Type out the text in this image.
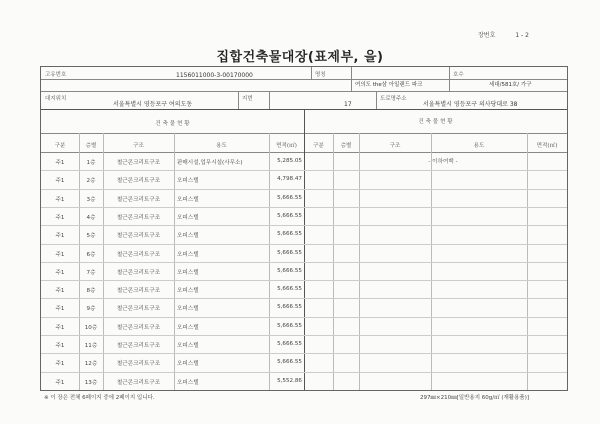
장번호	1 - 2
집합건축물대장(표제부, 을)
고유번호	1156011000-3-00170000	명칭
여의도 the삼 아일랜드 파크
호수
세대/581호/ 가구
대지위치
서울특별시 영등포구 여의도동
지번
17
도로명주소
서울특별시 영등포구 의사당대로 38
건 축 물 현 황	건 축 물 현 황
구분	층별	구조	용도	면적(㎡)	구분	층별	구조	용도	면적(㎡)
- 이하여백 -
주1	1층	철근콘크리트구조	판매시설,업무시설(사무소)	5,285.05
주1	2층	철근콘크리트구조	오피스텔	4,798.47
주1	3층	철근콘크리트구조	오피스텔	5,666.55
주1	4층	철근콘크리트구조	오피스텔	5,666.55
주1	5층	철근콘크리트구조	오피스텔	5,666.55
주1	6층	철근콘크리트구조	오피스텔	5,666.55
주1	7층	철근콘크리트구조	오피스텔	5,666.55
주1	8층	철근콘크리트구조	오피스텔	5,666.55
주1	9층	철근콘크리트구조	오피스텔	5,666.55
주1	10층	철근콘크리트구조	오피스텔	5,666.55
주1	11층	철근콘크리트구조	오피스텔	5,666.55
주1	12층	철근콘크리트구조	오피스텔	5,666.55
주1	13층	철근콘크리트구조	오피스텔	5,552.86
※ 이 장은 전체 6페이지 중에 2페이지 입니다.	297㎜×210㎜[일반용지 60g/㎡ (재활용품)]
